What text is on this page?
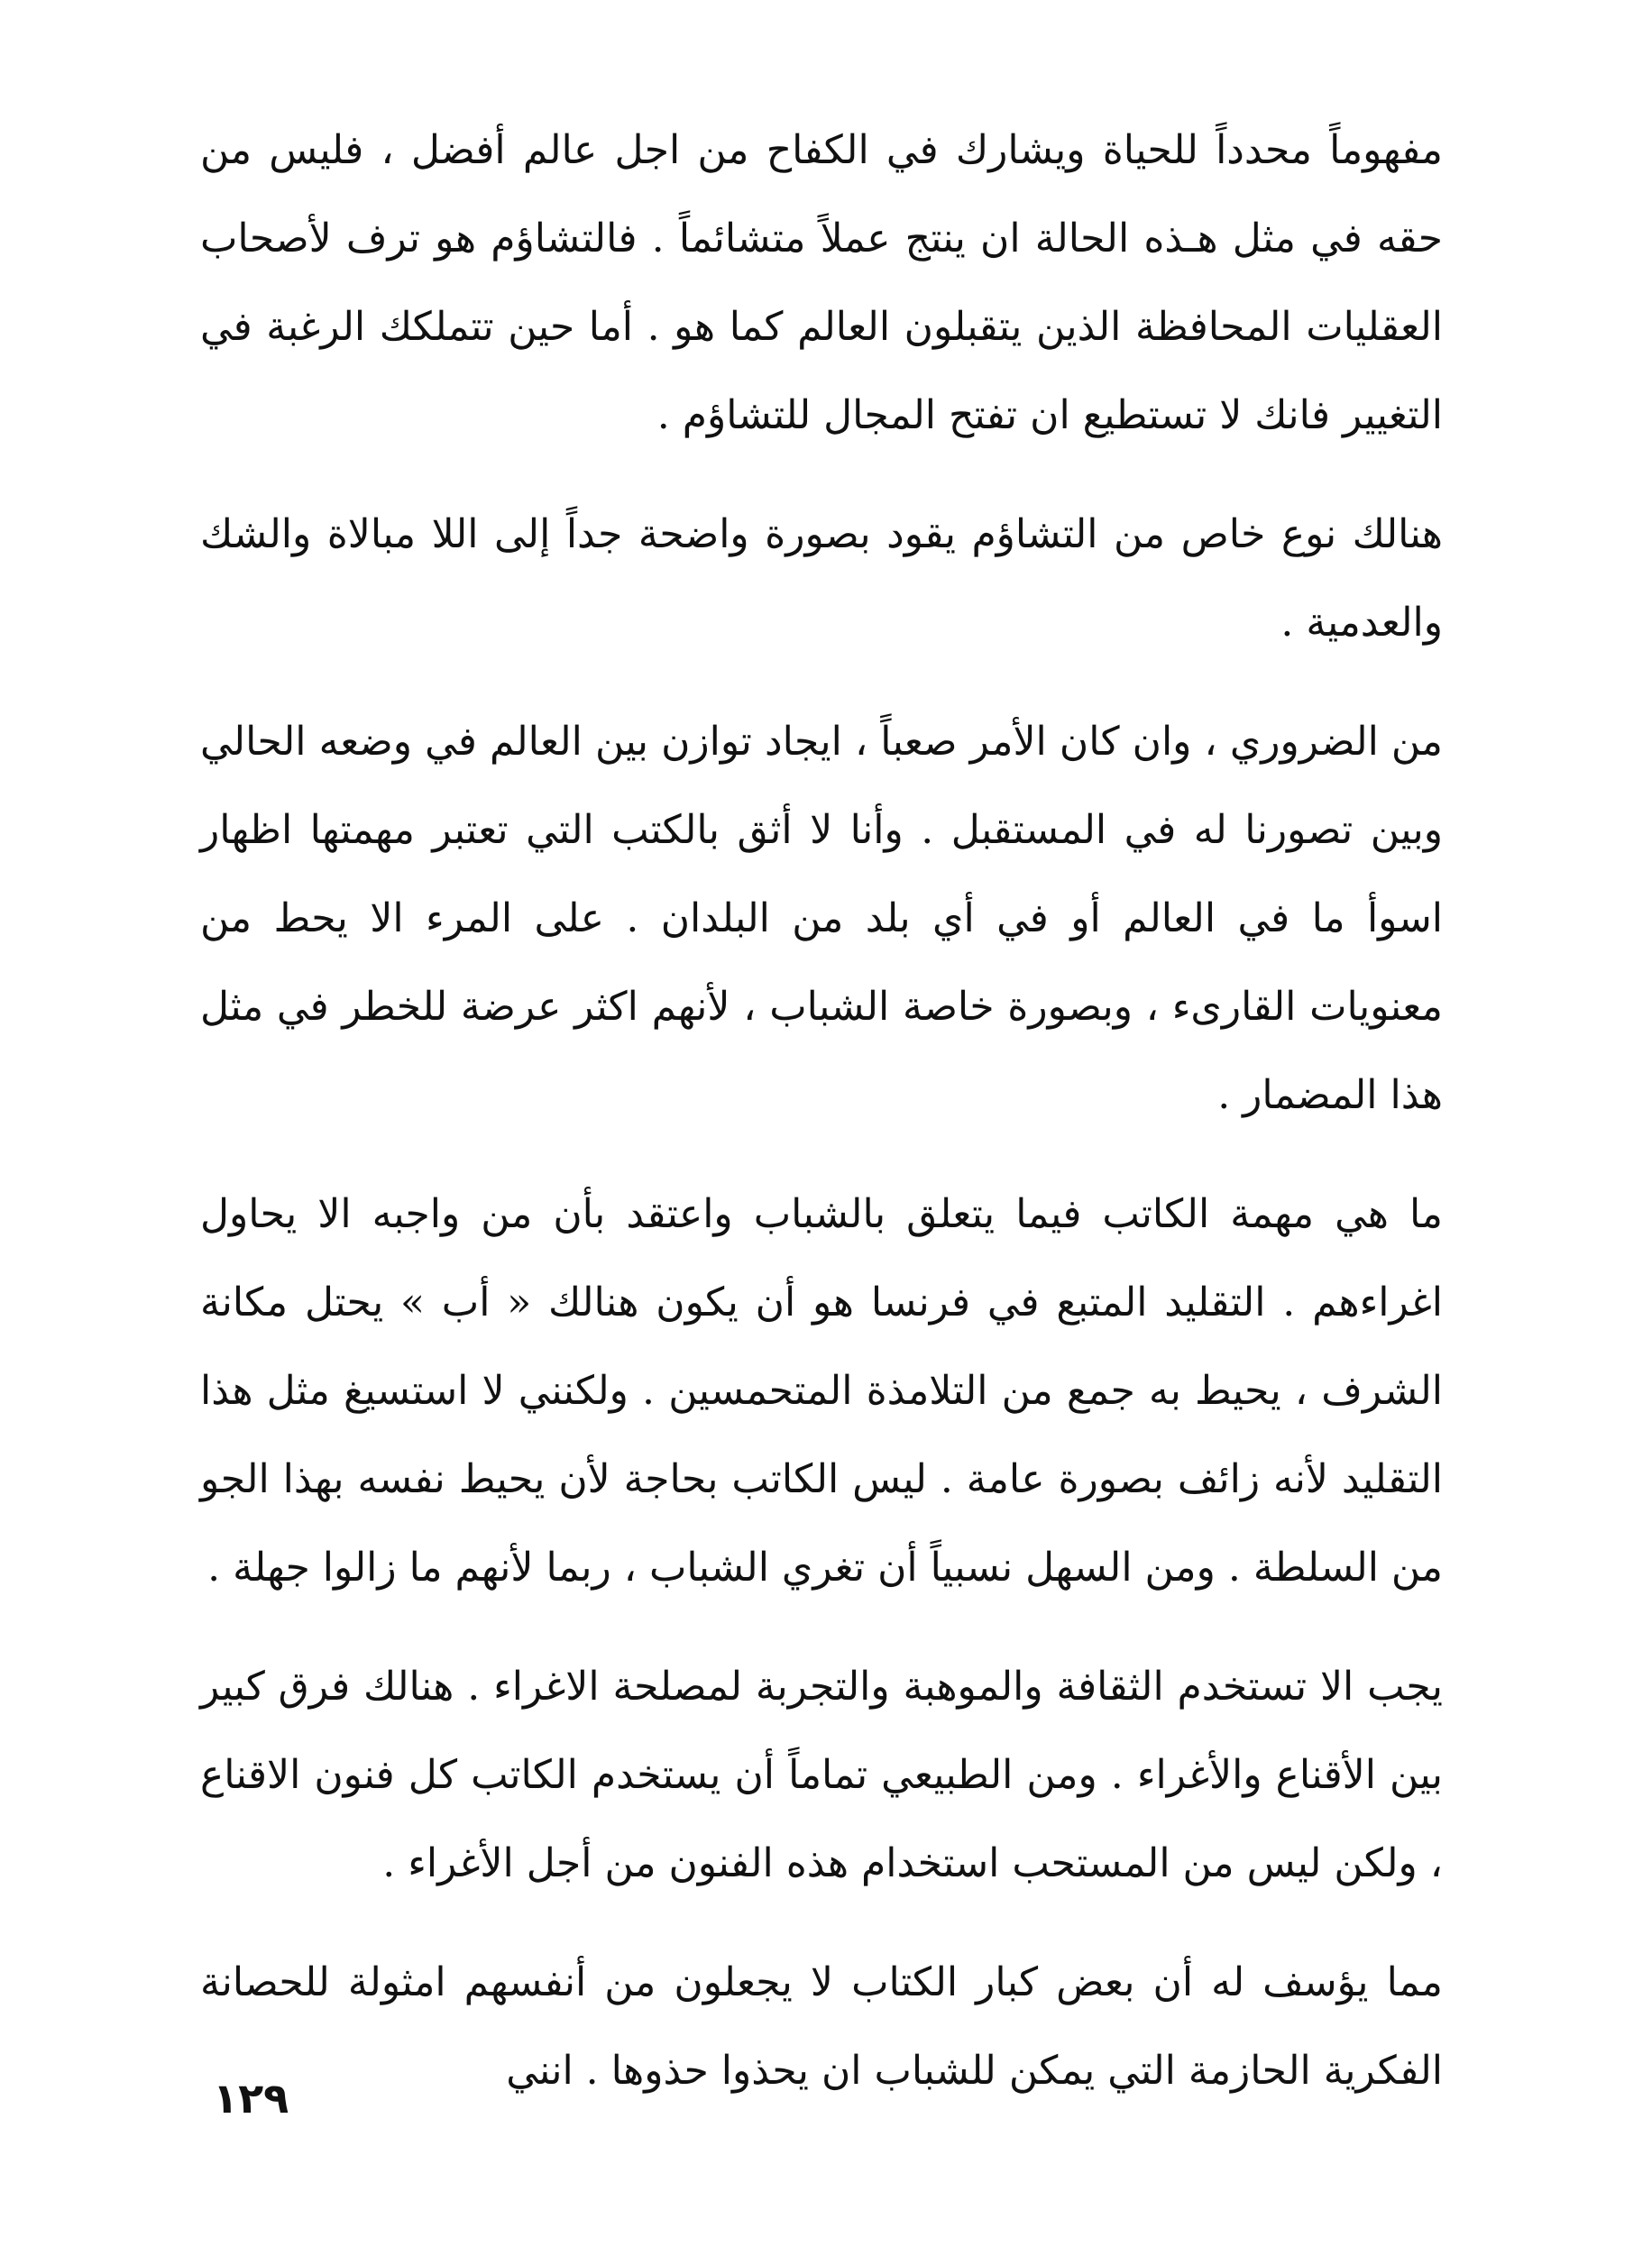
مفهوماً محدداً للحياة ويشارك في الكفاح من اجل عالم أفضل ، فليس من حقه في مثل هـذه الحالة ان ينتج عملاً متشائماً . فالتشاؤم هو ترف لأصحاب العقليات المحافظة الذين يتقبلون العالم كما هو . أما حين تتملكك الرغبة في التغيير فانك لا تستطيع ان تفتح المجال للتشاؤم .

هنالك نوع خاص من التشاؤم يقود بصورة واضحة جداً إلى اللا مبالاة والشك والعدمية .

من الضروري ، وان كان الأمر صعباً ، ايجاد توازن بين العالم في وضعه الحالي وبين تصورنا له في المستقبل . وأنا لا أثق بالكتب التي تعتبر مهمتها اظهار اسوأ ما في العالم أو في أي بلد من البلدان . على المرء الا يحط من معنويات القارىء ، وبصورة خاصة الشباب ، لأنهم اكثر عرضة للخطر في مثل هذا المضمار .

ما هي مهمة الكاتب فيما يتعلق بالشباب واعتقد بأن من واجبه الا يحاول اغراءهم . التقليد المتبع في فرنسا هو أن يكون هنالك « أب » يحتل مكانة الشرف ، يحيط به جمع من التلامذة المتحمسين . ولكنني لا استسيغ مثل هذا التقليد لأنه زائف بصورة عامة . ليس الكاتب بحاجة لأن يحيط نفسه بهذا الجو من السلطة . ومن السهل نسبياً أن تغري الشباب ، ربما لأنهم ما زالوا جهلة .

يجب الا تستخدم الثقافة والموهبة والتجربة لمصلحة الاغراء . هنالك فرق كبير بين الأقناع والأغراء . ومن الطبيعي تماماً أن يستخدم الكاتب كل فنون الاقناع ، ولكن ليس من المستحب استخدام هذه الفنون من أجل الأغراء .

مما يؤسف له أن بعض كبار الكتاب لا يجعلون من أنفسهم امثولة للحصانة الفكرية الحازمة التي يمكن للشباب ان يحذوا حذوها . انني

١٢٩
